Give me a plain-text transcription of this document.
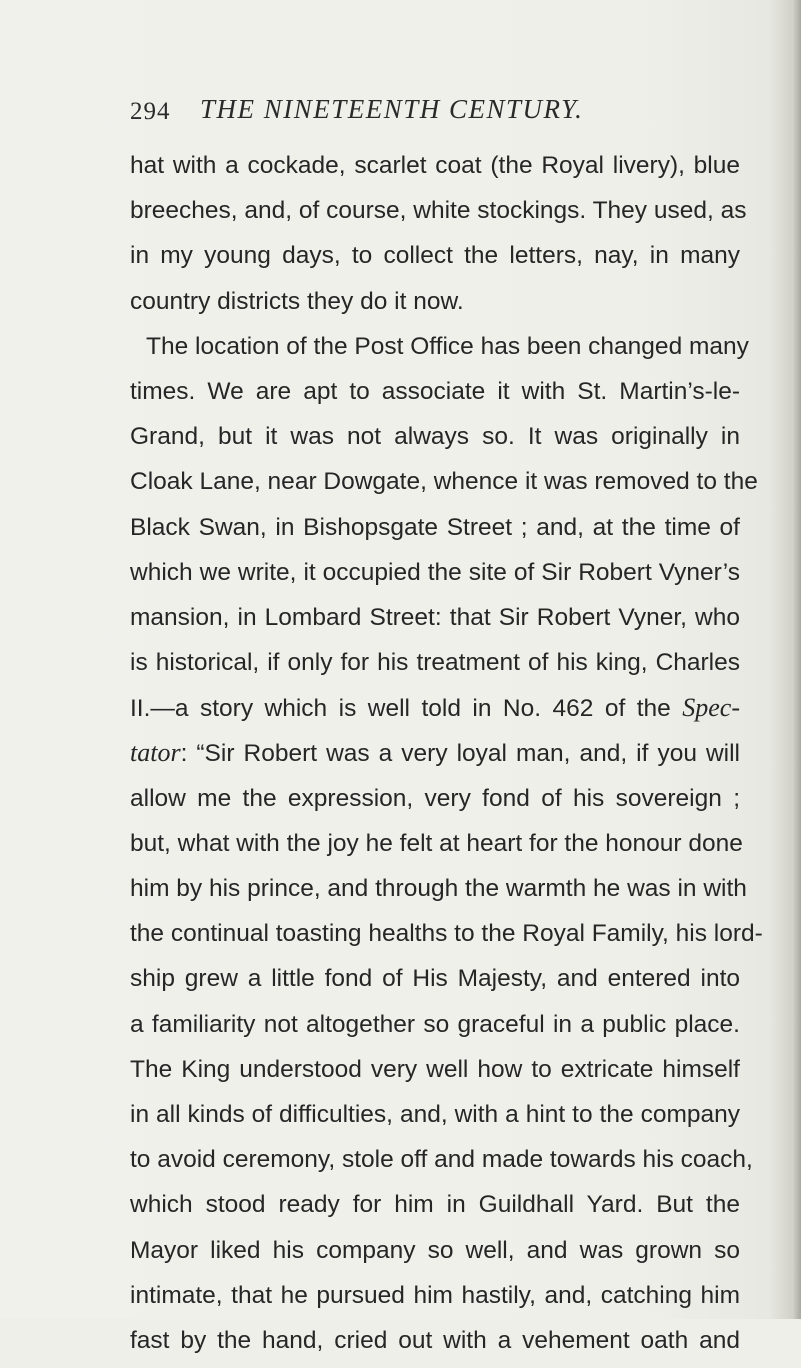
294 THE NINETEENTH CENTURY.
hat with a cockade, scarlet coat (the Royal livery), blue
breeches, and, of course, white stockings. They used, as
in my young days, to collect the letters, nay, in many
country districts they do it now.
The location of the Post Office has been changed many
times. We are apt to associate it with St. Martin’s-le-
Grand, but it was not always so. It was originally in
Cloak Lane, near Dowgate, whence it was removed to the
Black Swan, in Bishopsgate Street ; and, at the time of
which we write, it occupied the site of Sir Robert Vyner’s
mansion, in Lombard Street: that Sir Robert Vyner, who
is historical, if only for his treatment of his king, Charles
II.—a story which is well told in No. 462 of the Spec-
tator: “Sir Robert was a very loyal man, and, if you will
allow me the expression, very fond of his sovereign ;
but, what with the joy he felt at heart for the honour done
him by his prince, and through the warmth he was in with
the continual toasting healths to the Royal Family, his lord-
ship grew a little fond of His Majesty, and entered into
a familiarity not altogether so graceful in a public place.
The King understood very well how to extricate himself
in all kinds of difficulties, and, with a hint to the company
to avoid ceremony, stole off and made towards his coach,
which stood ready for him in Guildhall Yard. But the
Mayor liked his company so well, and was grown so
intimate, that he pursued him hastily, and, catching him
fast by the hand, cried out with a vehement oath and
